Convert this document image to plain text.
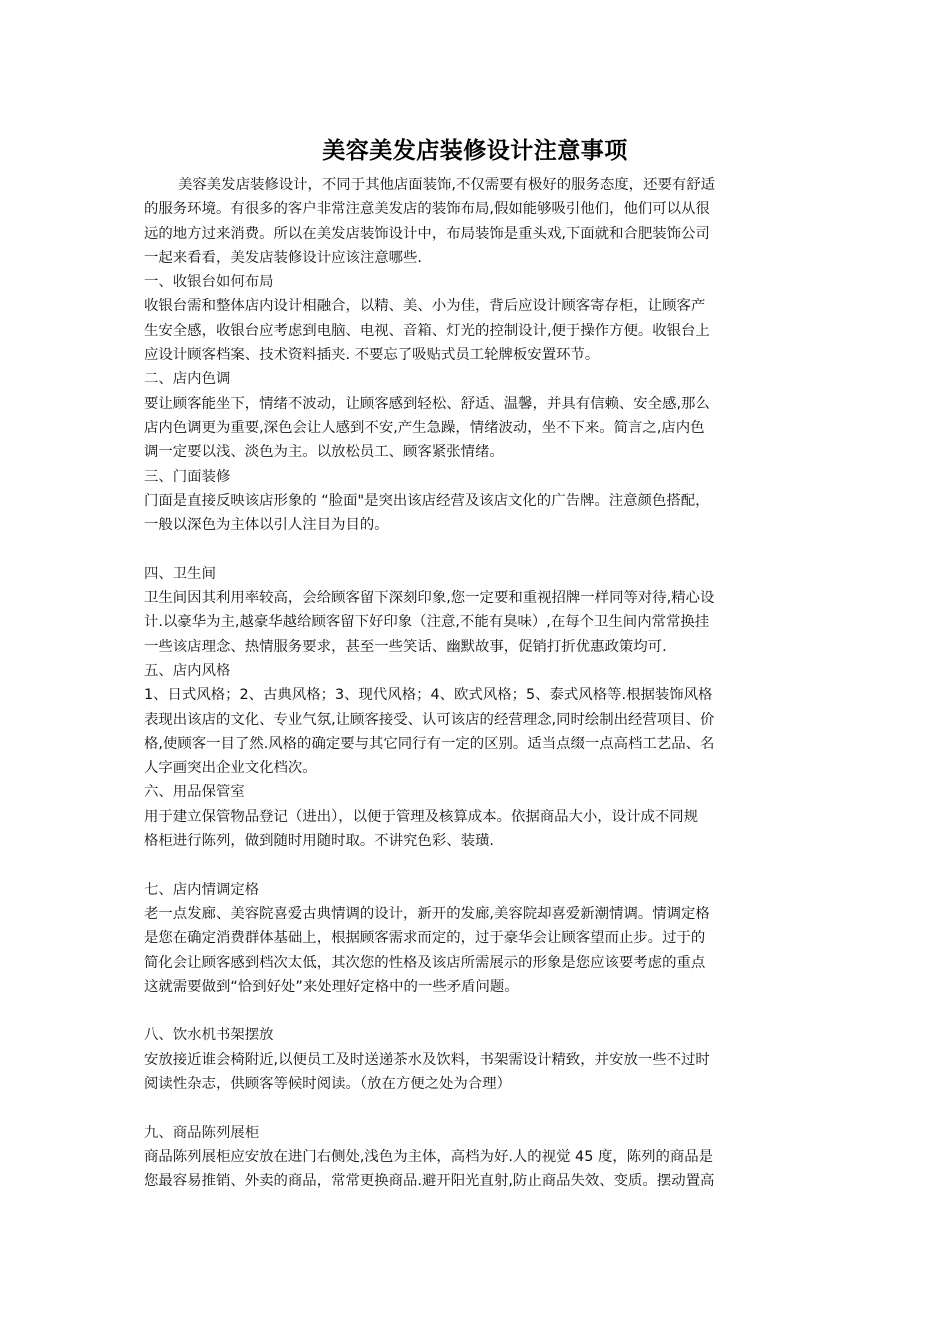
美容美发店装修设计注意事项
美容美发店装修设计，不同于其他店面装饰,不仅需要有极好的服务态度，还要有舒适
的服务环境。有很多的客户非常注意美发店的装饰布局,假如能够吸引他们，他们可以从很
远的地方过来消费。所以在美发店装饰设计中，布局装饰是重头戏,下面就和合肥装饰公司
一起来看看，美发店装修设计应该注意哪些.
一、收银台如何布局
收银台需和整体店内设计相融合，以精、美、小为佳，背后应设计顾客寄存柜，让顾客产
生安全感，收银台应考虑到电脑、电视、音箱、灯光的控制设计,便于操作方便。收银台上
应设计顾客档案、技术资料插夹. 不要忘了吸贴式员工轮牌板安置环节。
二、店内色调
要让顾客能坐下，情绪不波动，让顾客感到轻松、舒适、温馨，并具有信赖、安全感,那么
店内色调更为重要,深色会让人感到不安,产生急躁，情绪波动，坐不下来。简言之,店内色
调一定要以浅、淡色为主。以放松员工、顾客紧张情绪。
三、门面装修
门面是直接反映该店形象的 “脸面"是突出该店经营及该店文化的广告牌。注意颜色搭配，
一般以深色为主体以引人注目为目的。
四、卫生间
卫生间因其利用率较高，会给顾客留下深刻印象,您一定要和重视招牌一样同等对待,精心设
计.以豪华为主,越豪华越给顾客留下好印象（注意,不能有臭味）,在每个卫生间内常常换挂
一些该店理念、热情服务要求，甚至一些笑话、幽默故事，促销打折优惠政策均可.
五、店内风格
1、日式风格；2、古典风格；3、现代风格；4、欧式风格；5、泰式风格等.根据装饰风格
表现出该店的文化、专业气氛,让顾客接受、认可该店的经营理念,同时绘制出经营项目、价
格,使顾客一目了然.风格的确定要与其它同行有一定的区别。适当点缀一点高档工艺品、名
人字画突出企业文化档次。
六、用品保管室
用于建立保管物品登记（进出），以便于管理及核算成本。依据商品大小，设计成不同规
格柜进行陈列，做到随时用随时取。不讲究色彩、装璜.
七、店内情调定格
老一点发廊、美容院喜爱古典情调的设计，新开的发廊,美容院却喜爱新潮情调。情调定格
是您在确定消费群体基础上，根据顾客需求而定的，过于豪华会让顾客望而止步。过于的
简化会让顾客感到档次太低，其次您的性格及该店所需展示的形象是您应该要考虑的重点
这就需要做到“恰到好处”来处理好定格中的一些矛盾问题。
八、饮水机书架摆放
安放接近谁会椅附近,以便员工及时送递茶水及饮料，书架需设计精致，并安放一些不过时
阅读性杂志，供顾客等候时阅读。（放在方便之处为合理）
九、商品陈列展柜
商品陈列展柜应安放在进门右侧处,浅色为主体，高档为好.人的视觉 45 度，陈列的商品是
您最容易推销、外卖的商品，常常更换商品.避开阳光直射,防止商品失效、变质。摆动置高
